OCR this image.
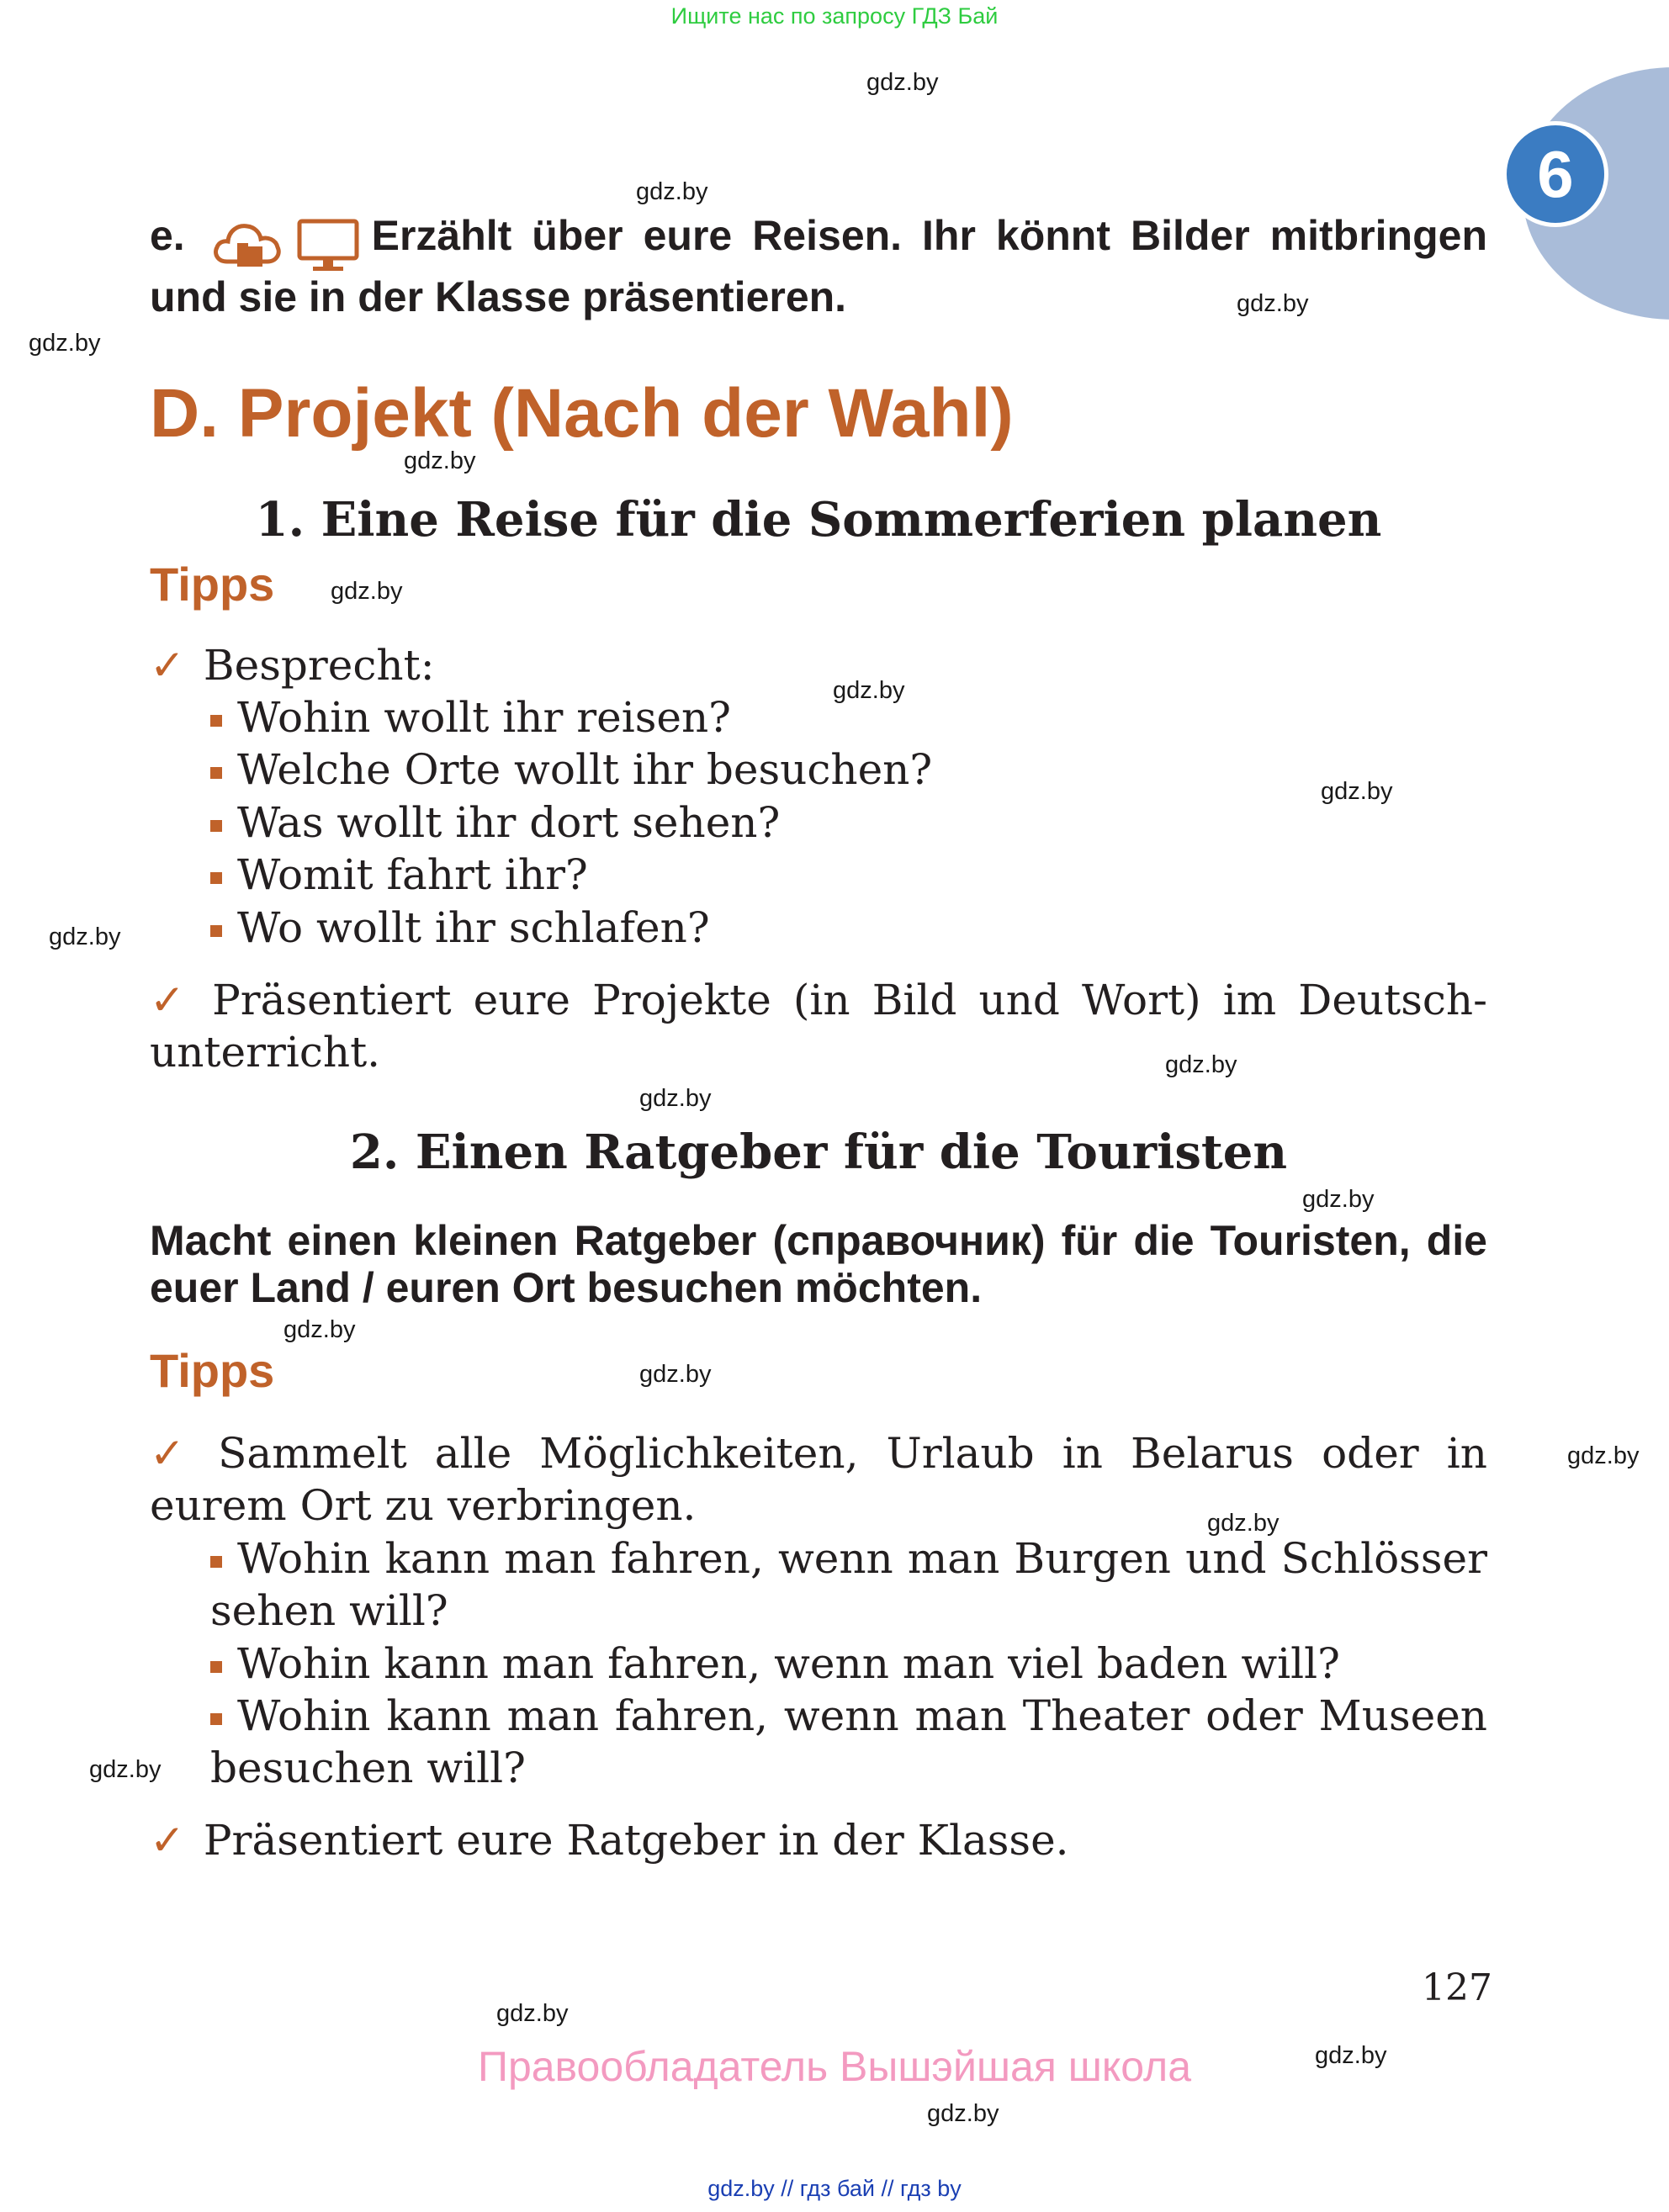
Ищите нас по запросу ГДЗ Бай
6
e.	Erzählt über eure Reisen. Ihr könnt Bilder mitbringen und sie in der Klasse präsentieren.
D. Projekt (Nach der Wahl)
1. Eine Reise für die Sommerferien planen
Tipps
✓ Besprecht:
Wohin wollt ihr reisen?
Welche Orte wollt ihr besuchen?
Was wollt ihr dort sehen?
Womit fahrt ihr?
Wo wollt ihr schlafen?
✓ Präsentiert eure Projekte (in Bild und Wort) im Deutsch-unterricht.
2. Einen Ratgeber für die Touristen
Macht einen kleinen Ratgeber (справочник) für die Touristen, die euer Land / euren Ort besuchen möchten.
Tipps
✓ Sammelt alle Möglichkeiten, Urlaub in Belarus oder in eurem Ort zu verbringen.
Wohin kann man fahren, wenn man Burgen und Schlösser sehen will?
Wohin kann man fahren, wenn man viel baden will?
Wohin kann man fahren, wenn man Theater oder Museen besuchen will?
✓ Präsentiert eure Ratgeber in der Klasse.
127
Правообладатель Вышэйшая школа
gdz.by // гдз бай // гдз by
gdz.by
gdz.by
gdz.by
gdz.by
gdz.by
gdz.by
gdz.by
gdz.by
gdz.by
gdz.by
gdz.by
gdz.by
gdz.by
gdz.by
gdz.by
gdz.by
gdz.by
gdz.by
gdz.by
gdz.by
